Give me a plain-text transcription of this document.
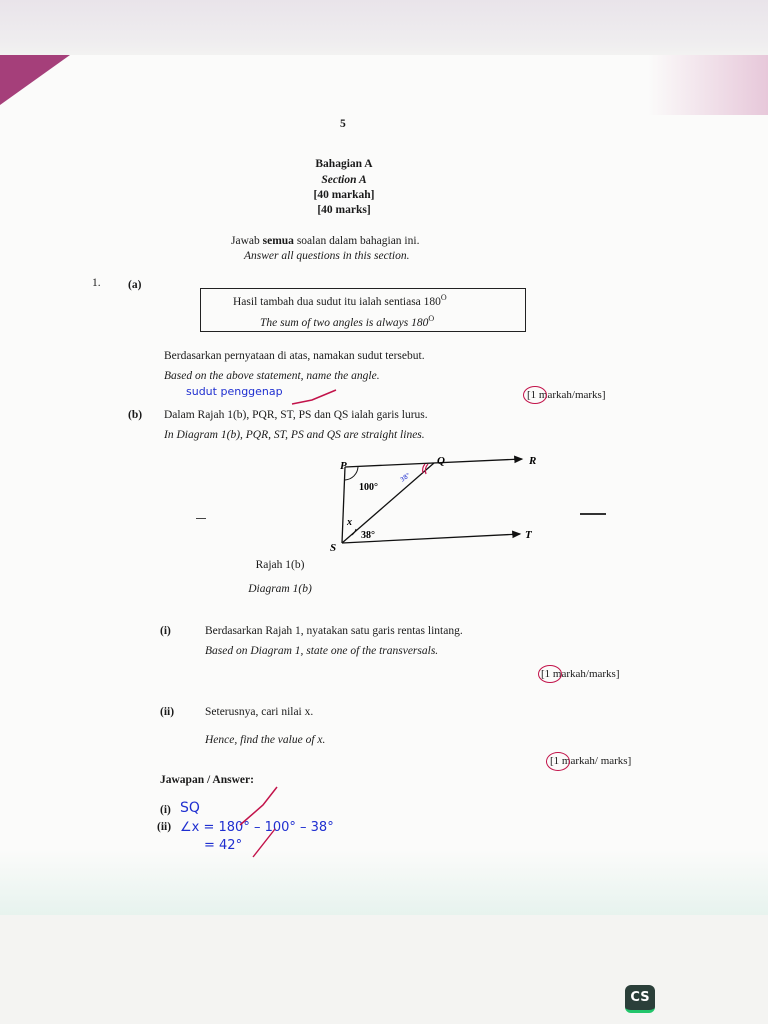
5
Bahagian A
Section A
[40 markah]
[40 marks]
Jawab semua soalan dalam bahagian ini.
Answer all questions in this section.
1. (a)
Hasil tambah dua sudut itu ialah sentiasa $180^O$
The sum of two angles is always $180^O$
Berdasarkan pernyataan di atas, namakan sudut tersebut.
Based on the above statement, name the angle.
sudut penggenap	[1 markah/marks]
(b) Dalam Rajah 1(b), PQR, ST, PS dan QS ialah garis lurus.
In Diagram 1(b), PQR, ST, PS and QS are straight lines.
P	Q	R
S
T
100°
38°
x
38°
Rajah 1(b)
Diagram 1(b)
(i)	Berdasarkan Rajah 1, nyatakan satu garis rentas lintang.
Based on Diagram 1, state one of the transversals.
[1 markah/marks]
(ii)	Seterusnya, cari nilai x.
Hence, find the value of x.
[1 markah/ marks]
Jawapan / Answer:
(i) SQ
(ii) ∠x = 180° – 100° – 38°
= 42°
CS
